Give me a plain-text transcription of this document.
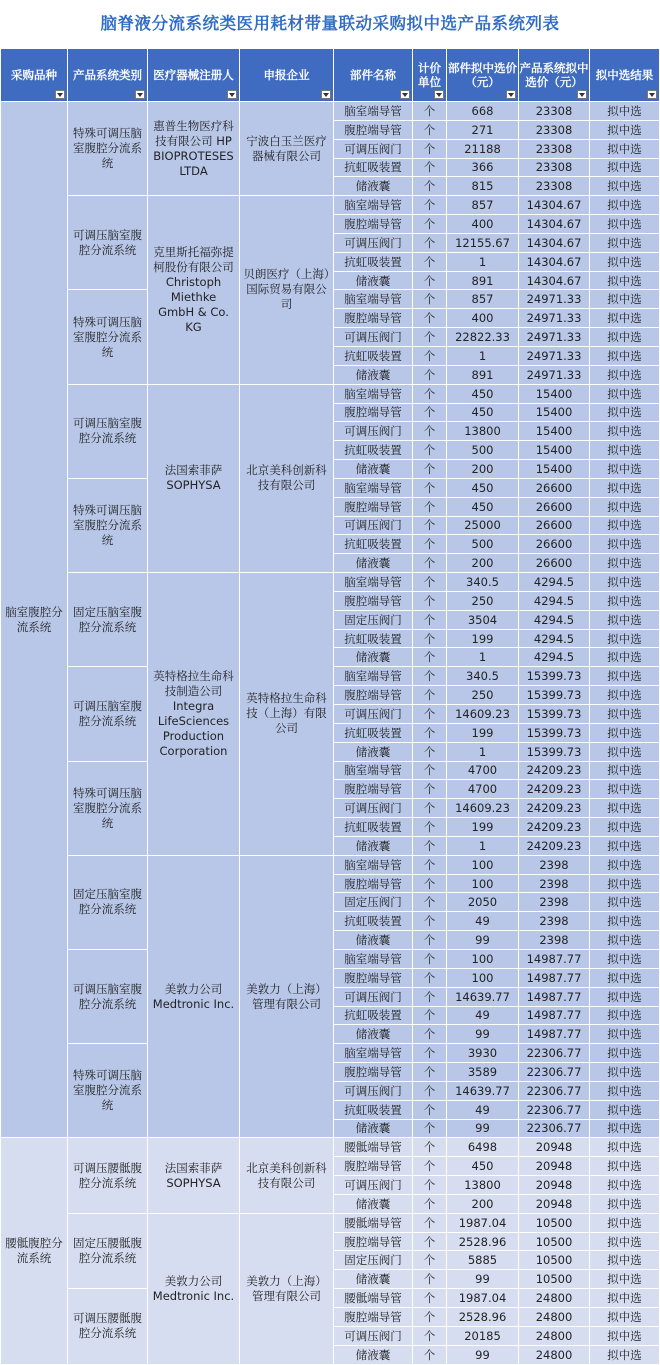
脑脊液分流系统类医用耗材带量联动采购拟中选产品系统列表
采购品种	产品系统类别	医疗器械注册人	申报企业	部件名称	计价单位	部件拟中选价（元）	产品系统拟中选价（元）	拟中选结果

脑室腹腔分流系统	特殊可调压脑室腹腔分流系统	惠普生物医疗科技有限公司 HP BIOPROTESES LTDA	宁波白玉兰医疗器械有限公司	脑室端导管	个	668	23308	拟中选
				腹腔端导管	个	271	23308	拟中选
				可调压阀门	个	21188	23308	拟中选
				抗虹吸装置	个	366	23308	拟中选
				储液囊	个	815	23308	拟中选
	可调压脑室腹腔分流系统	克里斯托福弥提柯股份有限公司 Christoph Miethke GmbH & Co. KG	贝朗医疗（上海）国际贸易有限公司	脑室端导管	个	857	14304.67	拟中选
				腹腔端导管	个	400	14304.67	拟中选
				可调压阀门	个	12155.67	14304.67	拟中选
				抗虹吸装置	个	1	14304.67	拟中选
				储液囊	个	891	14304.67	拟中选
	特殊可调压脑室腹腔分流系统			脑室端导管	个	857	24971.33	拟中选
				腹腔端导管	个	400	24971.33	拟中选
				可调压阀门	个	22822.33	24971.33	拟中选
				抗虹吸装置	个	1	24971.33	拟中选
				储液囊	个	891	24971.33	拟中选
	可调压脑室腹腔分流系统	法国索菲萨 SOPHYSA	北京美科创新科技有限公司	脑室端导管	个	450	15400	拟中选
				腹腔端导管	个	450	15400	拟中选
				可调压阀门	个	13800	15400	拟中选
				抗虹吸装置	个	500	15400	拟中选
				储液囊	个	200	15400	拟中选
	特殊可调压脑室腹腔分流系统			脑室端导管	个	450	26600	拟中选
				腹腔端导管	个	450	26600	拟中选
				可调压阀门	个	25000	26600	拟中选
				抗虹吸装置	个	500	26600	拟中选
				储液囊	个	200	26600	拟中选
	固定压脑室腹腔分流系统	英特格拉生命科技制造公司 Integra LifeSciences Production Corporation	英特格拉生命科技（上海）有限公司	脑室端导管	个	340.5	4294.5	拟中选
				腹腔端导管	个	250	4294.5	拟中选
				固定压阀门	个	3504	4294.5	拟中选
				抗虹吸装置	个	199	4294.5	拟中选
				储液囊	个	1	4294.5	拟中选
	可调压脑室腹腔分流系统			脑室端导管	个	340.5	15399.73	拟中选
				腹腔端导管	个	250	15399.73	拟中选
				可调压阀门	个	14609.23	15399.73	拟中选
				抗虹吸装置	个	199	15399.73	拟中选
				储液囊	个	1	15399.73	拟中选
	特殊可调压脑室腹腔分流系统			脑室端导管	个	4700	24209.23	拟中选
				腹腔端导管	个	4700	24209.23	拟中选
				可调压阀门	个	14609.23	24209.23	拟中选
				抗虹吸装置	个	199	24209.23	拟中选
				储液囊	个	1	24209.23	拟中选
	固定压脑室腹腔分流系统	美敦力公司 Medtronic Inc.	美敦力（上海）管理有限公司	脑室端导管	个	100	2398	拟中选
				腹腔端导管	个	100	2398	拟中选
				固定压阀门	个	2050	2398	拟中选
				抗虹吸装置	个	49	2398	拟中选
				储液囊	个	99	2398	拟中选
	可调压脑室腹腔分流系统			脑室端导管	个	100	14987.77	拟中选
				腹腔端导管	个	100	14987.77	拟中选
				可调压阀门	个	14639.77	14987.77	拟中选
				抗虹吸装置	个	49	14987.77	拟中选
				储液囊	个	99	14987.77	拟中选
	特殊可调压脑室腹腔分流系统			脑室端导管	个	3930	22306.77	拟中选
				腹腔端导管	个	3589	22306.77	拟中选
				可调压阀门	个	14639.77	22306.77	拟中选
				抗虹吸装置	个	49	22306.77	拟中选
				储液囊	个	99	22306.77	拟中选
腰骶腹腔分流系统	可调压腰骶腹腔分流系统	法国索菲萨 SOPHYSA	北京美科创新科技有限公司	腰骶端导管	个	6498	20948	拟中选
				腹腔端导管	个	450	20948	拟中选
				可调压阀门	个	13800	20948	拟中选
				储液囊	个	200	20948	拟中选
	固定压腰骶腹腔分流系统	美敦力公司 Medtronic Inc.	美敦力（上海）管理有限公司	腰骶端导管	个	1987.04	10500	拟中选
				腹腔端导管	个	2528.96	10500	拟中选
				固定压阀门	个	5885	10500	拟中选
				储液囊	个	99	10500	拟中选
	可调压腰骶腹腔分流系统			腰骶端导管	个	1987.04	24800	拟中选
				腹腔端导管	个	2528.96	24800	拟中选
				可调压阀门	个	20185	24800	拟中选
				储液囊	个	99	24800	拟中选
